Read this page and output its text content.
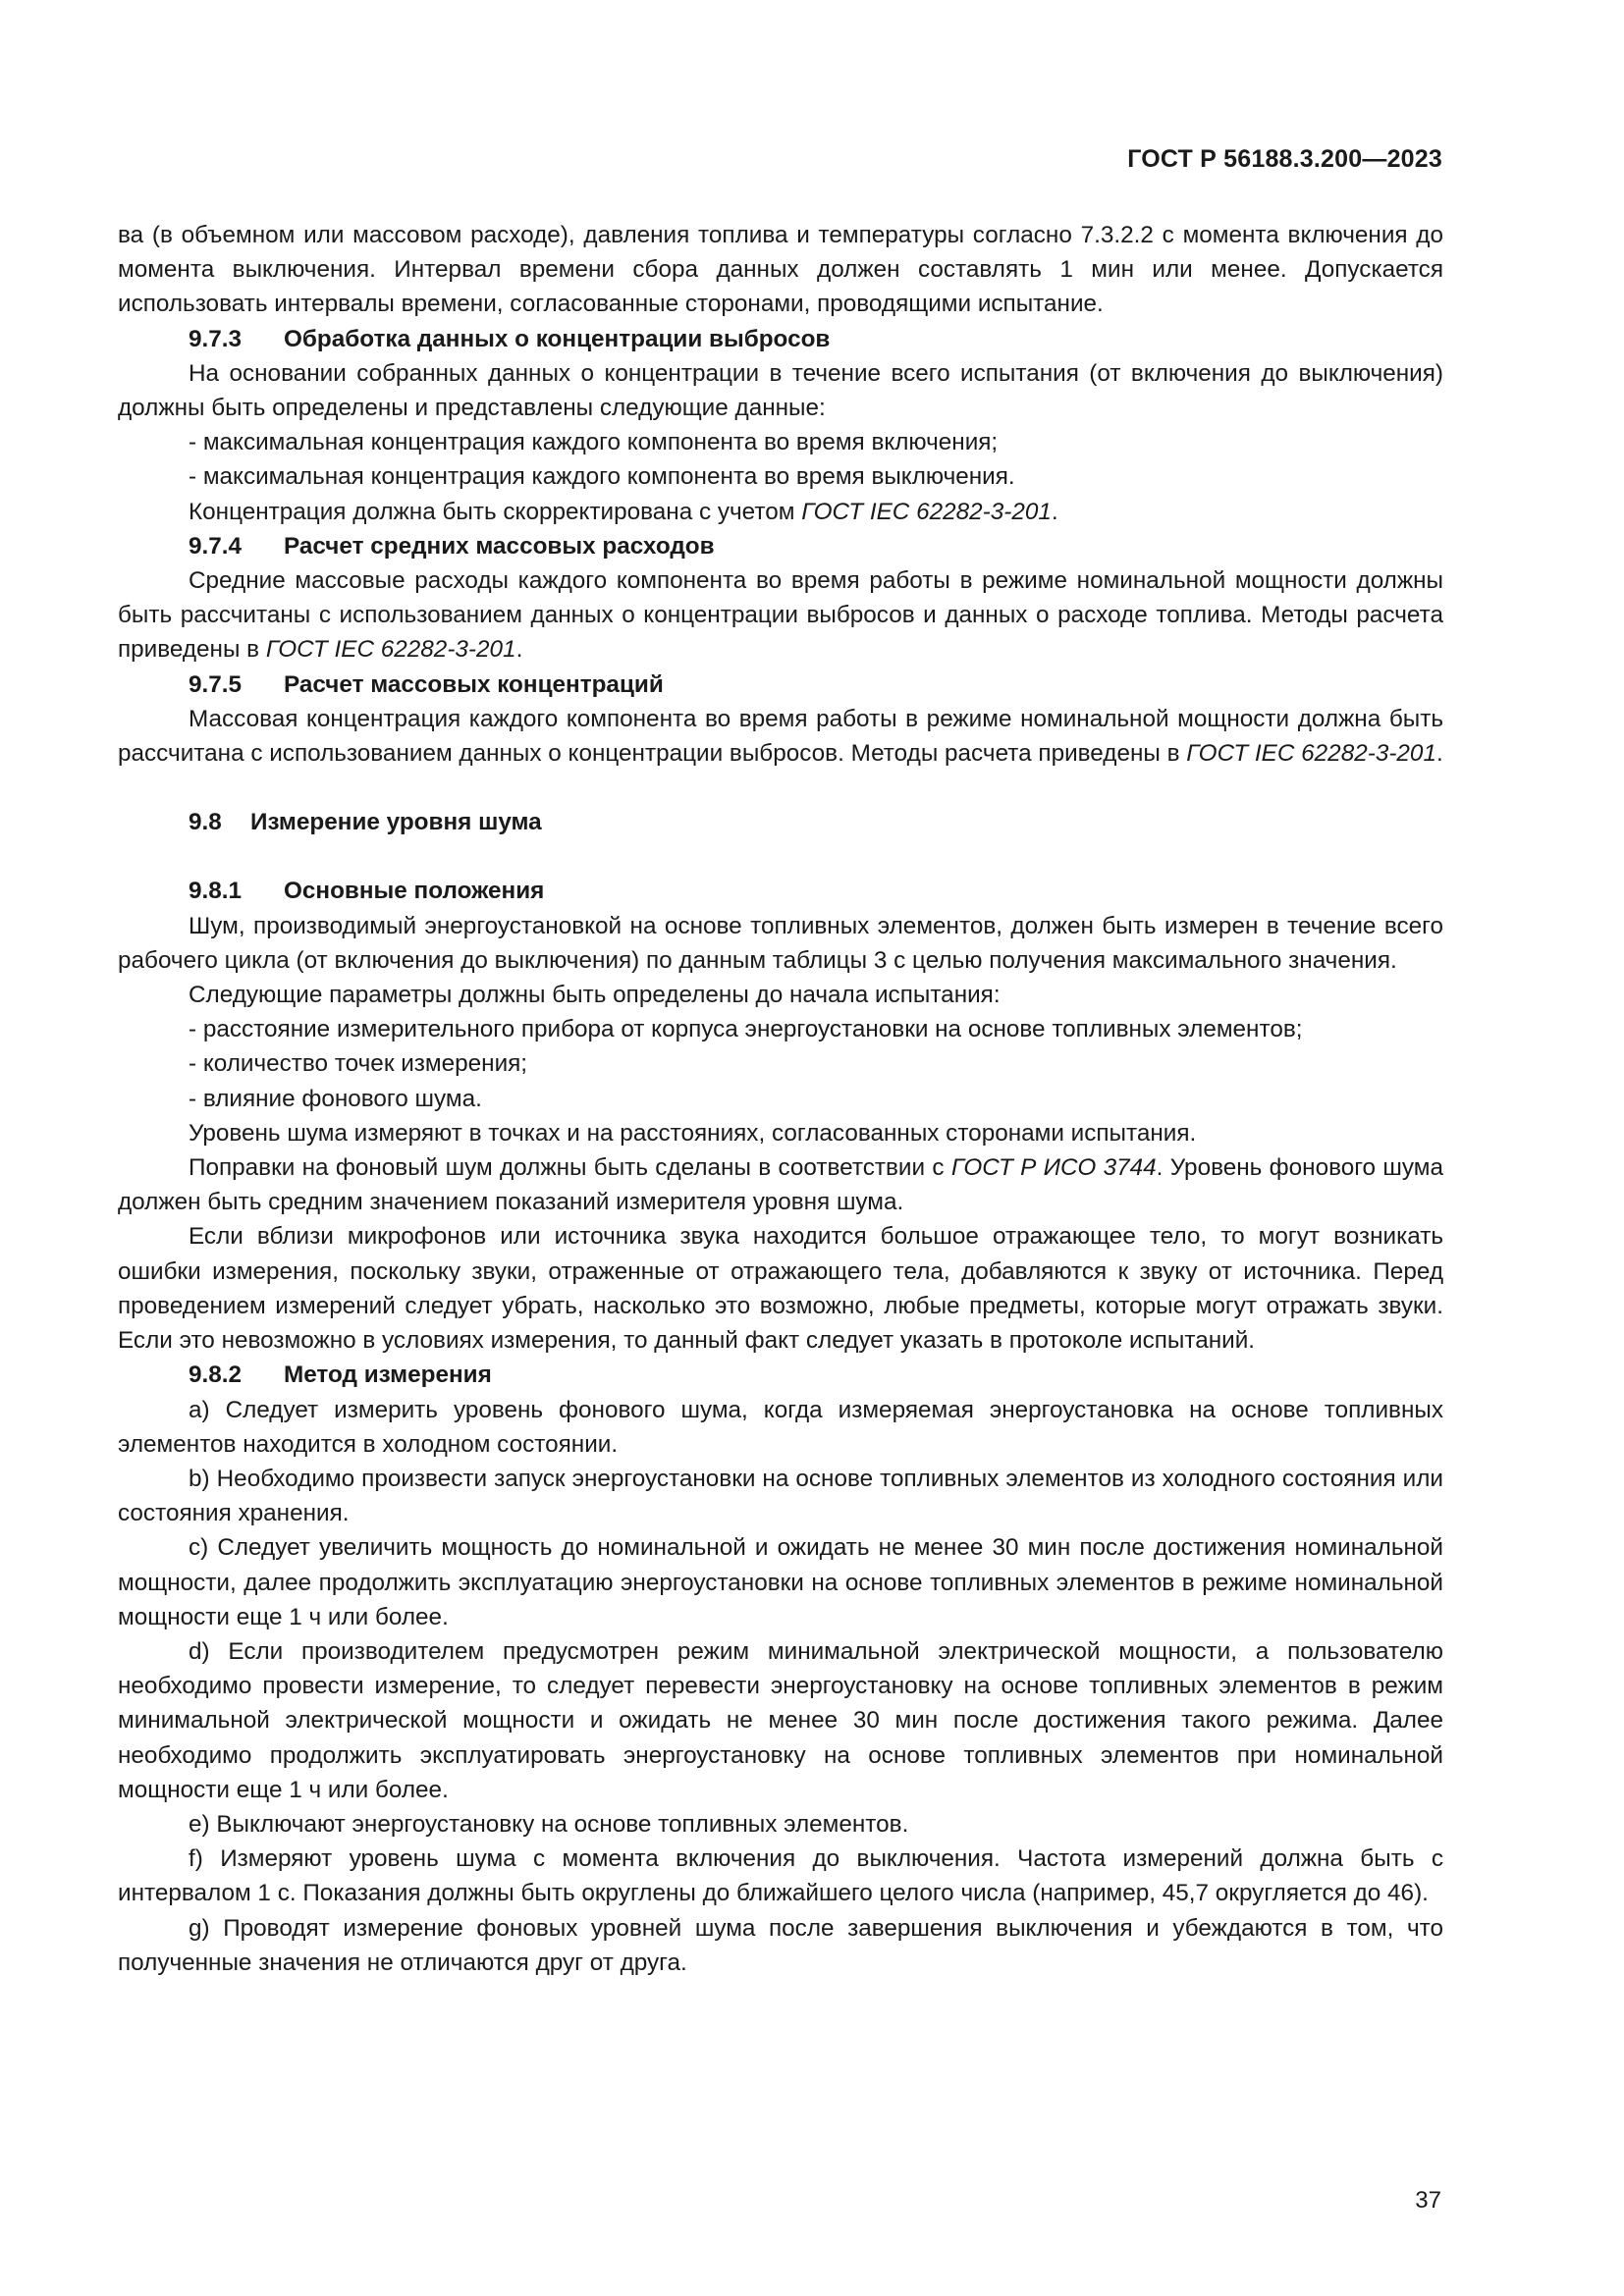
ГОСТ Р 56188.3.200—2023

ва (в объемном или массовом расходе), давления топлива и температуры согласно 7.3.2.2 с момента включения до момента выключения. Интервал времени сбора данных должен составлять 1 мин или менее. Допускается использовать интервалы времени, согласованные сторонами, проводящими испытание.

9.7.3 Обработка данных о концентрации выбросов

На основании собранных данных о концентрации в течение всего испытания (от включения до выключения) должны быть определены и представлены следующие данные:

- максимальная концентрация каждого компонента во время включения;

- максимальная концентрация каждого компонента во время выключения.

Концентрация должна быть скорректирована с учетом ГОСТ IEC 62282-3-201.

9.7.4 Расчет средних массовых расходов

Средние массовые расходы каждого компонента во время работы в режиме номинальной мощности должны быть рассчитаны с использованием данных о концентрации выбросов и данных о расходе топлива. Методы расчета приведены в ГОСТ IEC 62282-3-201.

9.7.5 Расчет массовых концентраций

Массовая концентрация каждого компонента во время работы в режиме номинальной мощности должна быть рассчитана с использованием данных о концентрации выбросов. Методы расчета приведены в ГОСТ IEC 62282-3-201.

9.8 Измерение уровня шума

9.8.1 Основные положения

Шум, производимый энергоустановкой на основе топливных элементов, должен быть измерен в течение всего рабочего цикла (от включения до выключения) по данным таблицы 3 с целью получения максимального значения.

Следующие параметры должны быть определены до начала испытания:

- расстояние измерительного прибора от корпуса энергоустановки на основе топливных элементов;

- количество точек измерения;

- влияние фонового шума.

Уровень шума измеряют в точках и на расстояниях, согласованных сторонами испытания.

Поправки на фоновый шум должны быть сделаны в соответствии с ГОСТ Р ИСО 3744. Уровень фонового шума должен быть средним значением показаний измерителя уровня шума.

Если вблизи микрофонов или источника звука находится большое отражающее тело, то могут возникать ошибки измерения, поскольку звуки, отраженные от отражающего тела, добавляются к звуку от источника. Перед проведением измерений следует убрать, насколько это возможно, любые предметы, которые могут отражать звуки. Если это невозможно в условиях измерения, то данный факт следует указать в протоколе испытаний.

9.8.2 Метод измерения

а) Следует измерить уровень фонового шума, когда измеряемая энергоустановка на основе топливных элементов находится в холодном состоянии.

b) Необходимо произвести запуск энергоустановки на основе топливных элементов из холодного состояния или состояния хранения.

c) Следует увеличить мощность до номинальной и ожидать не менее 30 мин после достижения номинальной мощности, далее продолжить эксплуатацию энергоустановки на основе топливных элементов в режиме номинальной мощности еще 1 ч или более.

d) Если производителем предусмотрен режим минимальной электрической мощности, а пользователю необходимо провести измерение, то следует перевести энергоустановку на основе топливных элементов в режим минимальной электрической мощности и ожидать не менее 30 мин после достижения такого режима. Далее необходимо продолжить эксплуатировать энергоустановку на основе топливных элементов при номинальной мощности еще 1 ч или более.

e) Выключают энергоустановку на основе топливных элементов.

f) Измеряют уровень шума с момента включения до выключения. Частота измерений должна быть с интервалом 1 с. Показания должны быть округлены до ближайшего целого числа (например, 45,7 округляется до 46).

g) Проводят измерение фоновых уровней шума после завершения выключения и убеждаются в том, что полученные значения не отличаются друг от друга.

37
